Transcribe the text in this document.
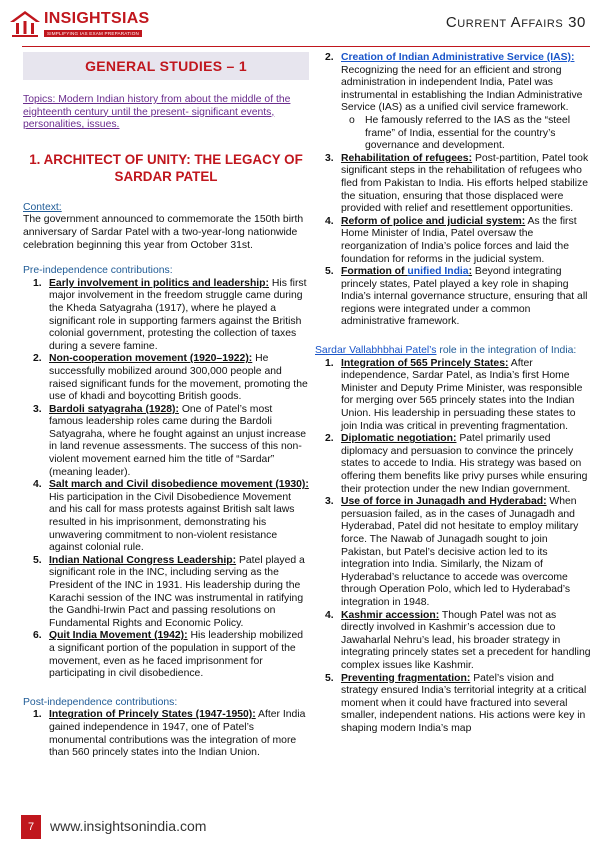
INSIGHTSIAS
SIMPLIFYING IAS EXAM PREPARATION
Current Affairs 30
GENERAL STUDIES – 1
Topics: Modern Indian history from about the middle of the eighteenth century until the present- significant events, personalities, issues.
1. ARCHITECT OF UNITY: THE LEGACY OF SARDAR PATEL
Context:

The government announced to commemorate the 150th birth anniversary of Sardar Patel with a two-year-long nationwide celebration beginning this year from October 31st.

Pre-independence contributions:
1. Early involvement in politics and leadership: His first major involvement in the freedom struggle came during the Kheda Satyagraha (1917), where he played a significant role in supporting farmers against the British colonial government, protesting the collection of taxes during a severe famine.
2. Non-cooperation movement (1920–1922): He successfully mobilized around 300,000 people and raised significant funds for the movement, promoting the use of khadi and boycotting British goods.
3. Bardoli satyagraha (1928): One of Patel’s most famous leadership roles came during the Bardoli Satyagraha, where he fought against an unjust increase in land revenue assessments. The success of this non-violent movement earned him the title of “Sardar” (meaning leader).
4. Salt march and Civil disobedience movement (1930): His participation in the Civil Disobedience Movement and his call for mass protests against British salt laws resulted in his imprisonment, demonstrating his unwavering commitment to non-violent resistance against colonial rule.
5. Indian National Congress Leadership: Patel played a significant role in the INC, including serving as the President of the INC in 1931. His leadership during the Karachi session of the INC was instrumental in ratifying the Gandhi-Irwin Pact and passing resolutions on Fundamental Rights and Economic Policy.
6. Quit India Movement (1942): His leadership mobilized a significant portion of the population in support of the movement, even as he faced imprisonment for participating in civil disobedience.
Post-independence contributions:
1. Integration of Princely States (1947-1950): After India gained independence in 1947, one of Patel’s monumental contributions was the integration of more than 560 princely states into the Indian Union.
2. Creation of Indian Administrative Service (IAS): Recognizing the need for an efficient and strong administration in independent India, Patel was instrumental in establishing the Indian Administrative Service (IAS) as a unified civil service framework.
o He famously referred to the IAS as the “steel frame” of India, essential for the country’s governance and development.
3. Rehabilitation of refugees: Post-partition, Patel took significant steps in the rehabilitation of refugees who fled from Pakistan to India. His efforts helped stabilize the situation, ensuring that those displaced were provided with relief and resettlement opportunities.
4. Reform of police and judicial system: As the first Home Minister of India, Patel oversaw the reorganization of India’s police forces and laid the foundation for reforms in the judicial system.
5. Formation of unified India: Beyond integrating princely states, Patel played a key role in shaping India’s internal governance structure, ensuring that all regions were integrated under a common administrative framework.
Sardar Vallabhbhai Patel’s role in the integration of India:
1. Integration of 565 Princely States: After independence, Sardar Patel, as India’s first Home Minister and Deputy Prime Minister, was responsible for merging over 565 princely states into the Indian Union. His leadership in persuading these states to join India was critical in preventing fragmentation.
2. Diplomatic negotiation: Patel primarily used diplomacy and persuasion to convince the princely states to accede to India. His strategy was based on offering them benefits like privy purses while ensuring their protection under the new Indian government.
3. Use of force in Junagadh and Hyderabad: When persuasion failed, as in the cases of Junagadh and Hyderabad, Patel did not hesitate to employ military force. The Nawab of Junagadh sought to join Pakistan, but Patel’s decisive action led to its integration into India. Similarly, the Nizam of Hyderabad’s reluctance to accede was overcome through Operation Polo, which led to Hyderabad’s integration in 1948.
4. Kashmir accession: Though Patel was not as directly involved in Kashmir’s accession due to Jawaharlal Nehru’s lead, his broader strategy in integrating princely states set a precedent for handling complex issues like Kashmir.
5. Preventing fragmentation: Patel’s vision and strategy ensured India’s territorial integrity at a critical moment when it could have fractured into several smaller, independent nations. His actions were key in shaping modern India’s map
7	www.insightsonindia.com
